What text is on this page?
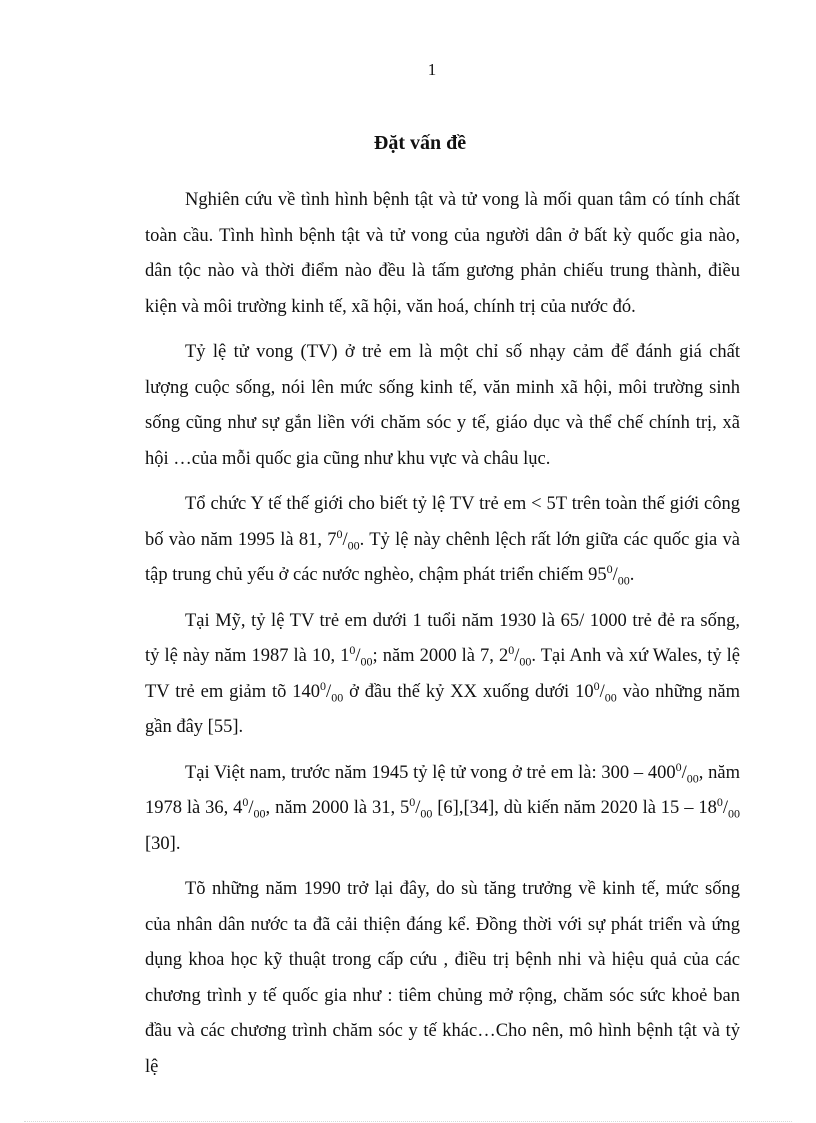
1
Đặt vấn đề

Nghiên cứu về tình hình bệnh tật và tử vong là mối quan tâm có tính chất toàn cầu. Tình hình bệnh tật và tử vong của người dân ở bất kỳ quốc gia nào, dân tộc nào và thời điểm nào đều là tấm gương phản chiếu trung thành, điều kiện và môi trường kinh tế, xã hội, văn hoá, chính trị của nước đó.

Tỷ lệ tử vong (TV) ở trẻ em là một chỉ số nhạy cảm để đánh giá chất lượng cuộc sống, nói lên mức sống kinh tế, văn minh xã hội, môi trường sinh sống cũng như sự gắn liền với chăm sóc y tế, giáo dục và thể chế chính trị, xã hội …của mỗi quốc gia cũng như khu vực và châu lục.

Tổ chức Y tế thế giới cho biết tỷ lệ TV trẻ em < 5T trên toàn thế giới công bố vào năm 1995 là 81, $7^0/_{00}$. Tỷ lệ này chênh lệch rất lớn giữa các quốc gia và tập trung chủ yếu ở các nước nghèo, chậm phát triển chiếm $95^0/_{00}$.

Tại Mỹ, tỷ lệ TV trẻ em dưới 1 tuổi năm 1930 là 65/ 1000 trẻ đẻ ra sống, tỷ lệ này năm 1987 là 10, $1^0/_{00}$; năm 2000 là 7, $2^0/_{00}$. Tại Anh và xứ Wales, tỷ lệ TV trẻ em giảm tõ $140^0/_{00}$ ở đầu thế kỷ XX xuống dưới $10^0/_{00}$ vào những năm gần đây [55].

Tại Việt nam, trước năm 1945 tỷ lệ tử vong ở trẻ em là: $300 - 400^0/_{00}$, năm 1978 là 36, $4^0/_{00}$, năm 2000 là 31, $5^0/_{00}$ [6],[34], dù kiến năm 2020 là $15 - 18^0/_{00}$ [30].

Tõ những năm 1990 trở lại đây, do sù tăng trưởng về kinh tế, mức sống của nhân dân nước ta đã cải thiện đáng kể. Đồng thời với sự phát triển và ứng dụng khoa học kỹ thuật trong cấp cứu , điều trị bệnh nhi và hiệu quả của các chương trình y tế quốc gia như : tiêm chủng mở rộng, chăm sóc sức khoẻ ban đầu và các chương trình chăm sóc y tế khác…Cho nên, mô hình bệnh tật và tỷ lệ
